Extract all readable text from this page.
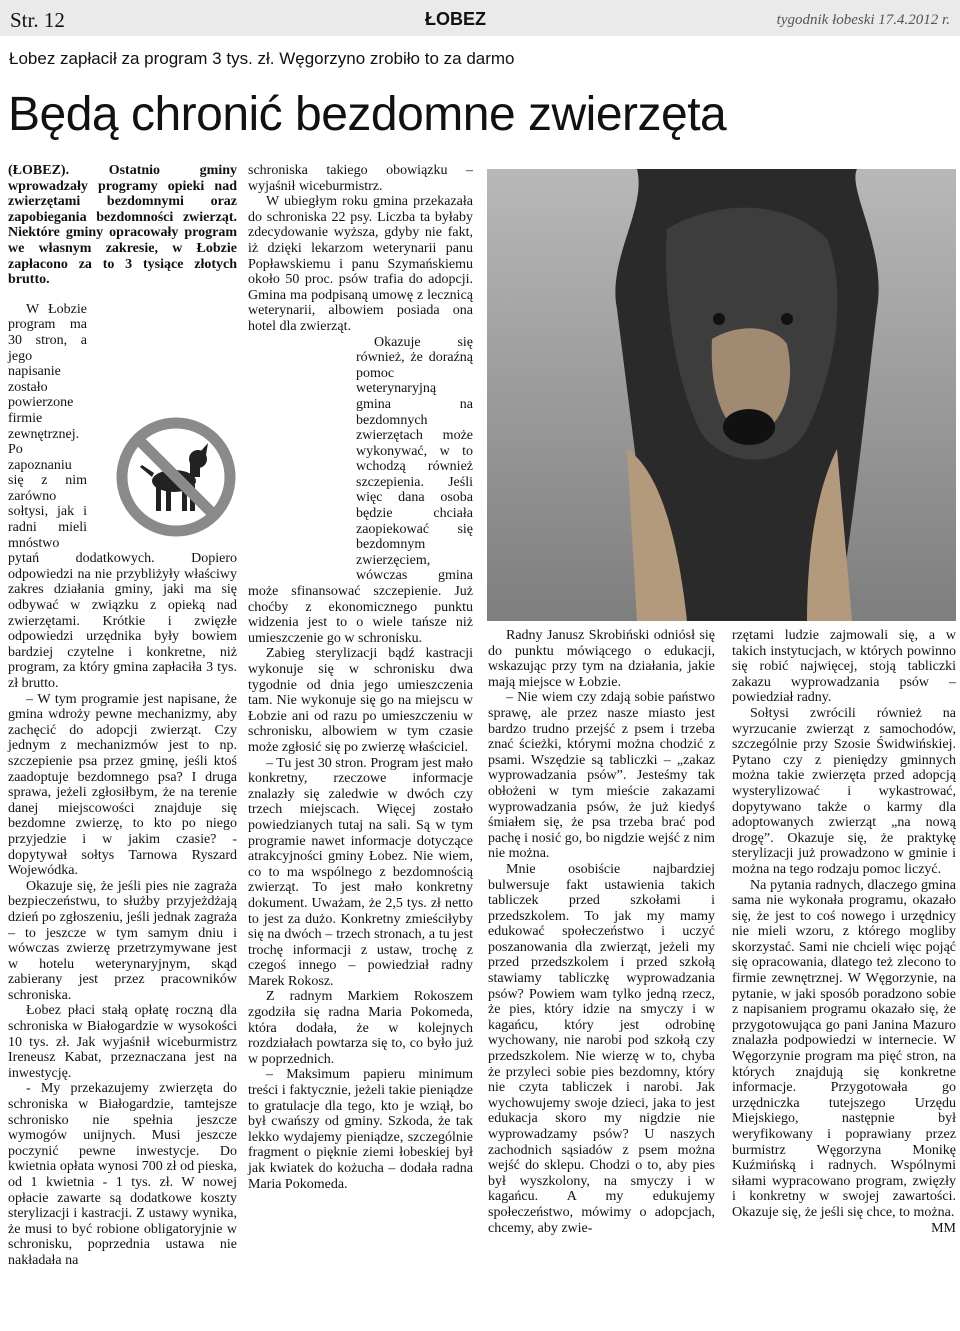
Str. 12	ŁOBEZ	tygodnik łobeski 17.4.2012 r.
Łobez zapłacił za program 3 tys. zł. Węgorzyno zrobiło to za darmo
Będą chronić bezdomne zwierzęta

(ŁOBEZ). Ostatnio gminy wprowadzały programy opieki nad zwierzętami bezdomnymi oraz zapobiegania bezdomności zwierząt. Niektóre gminy opracowały program we własnym zakresie, w Łobzie zapłacono za to 3 tysiące złotych brutto.

W Łobzie program ma 30 stron, a jego napisanie zostało powierzone firmie zewnętrznej. Po zapoznaniu się z nim zarówno sołtysi, jak i radni mieli mnóstwo pytań dodatkowych. Dopiero odpowiedzi na nie przybliżyły właściwy zakres działania gminy, jaki ma się odbywać w związku z opieką nad zwierzętami. Krótkie i zwięzłe odpowiedzi urzędnika były bowiem bardziej czytelne i konkretne, niż program, za który gmina zapłaciła 3 tys. zł brutto.

– W tym programie jest napisane, że gmina wdroży pewne mechanizmy, aby zachęcić do adopcji zwierząt. Czy jednym z mechanizmów jest to np. szczepienie psa przez gminę, jeśli ktoś zaadoptuje bezdomnego psa? I druga sprawa, jeżeli zgłosiłbym, że na terenie danej miejscowości znajduje się bezdomne zwierzę, to kto po niego przyjedzie i w jakim czasie? - dopytywał sołtys Tarnowa Ryszard Wojewódka.

Okazuje się, że jeśli pies nie zagraża bezpieczeństwu, to służby przyjeżdżają dzień po zgłoszeniu, jeśli jednak zagraża – to jeszcze w tym samym dniu i wówczas zwierzę przetrzymywane jest w hotelu weterynaryjnym, skąd zabierany jest przez pracowników schroniska.

Łobez płaci stałą opłatę roczną dla schroniska w Białogardzie w wysokości 10 tys. zł. Jak wyjaśnił wiceburmistrz Ireneusz Kabat, przeznaczana jest na inwestycję.

- My przekazujemy zwierzęta do schroniska w Białogardzie, tamtejsze schronisko nie spełnia jeszcze wymogów unijnych. Musi jeszcze poczynić pewne inwestycje. Do kwietnia opłata wynosi 700 zł od pieska, od 1 kwietnia - 1 tys. zł. W nowej opłacie zawarte są dodatkowe koszty sterylizacji i kastracji. Z ustawy wynika, że musi to być robione obligatoryjnie w schronisku, poprzednia ustawa nie nakładała na

schroniska takiego obowiązku – wyjaśnił wiceburmistrz.

W ubiegłym roku gmina przekazała do schroniska 22 psy. Liczba ta byłaby zdecydowanie wyższa, gdyby nie fakt, iż dzięki lekarzom weterynarii panu Popławskiemu i panu Szymańskiemu około 50 proc. psów trafia do adopcji. Gmina ma podpisaną umowę z lecznicą weterynarii, albowiem posiada ona hotel dla zwierząt.

Okazuje się również, że doraźną pomoc weterynaryjną gmina na bezdomnych zwierzętach może wykonywać, w to wchodzą również szczepienia. Jeśli więc dana osoba będzie chciała zaopiekować się bezdomnym zwierzęciem, wówczas gmina może sfinansować szczepienie. Już choćby z ekonomicznego punktu widzenia jest to o wiele tańsze niż umieszczenie go w schronisku.

Zabieg sterylizacji bądź kastracji wykonuje się w schronisku dwa tygodnie od dnia jego umieszczenia tam. Nie wykonuje się go na miejscu w Łobzie ani od razu po umieszczeniu w schronisku, albowiem w tym czasie może zgłosić się po zwierzę właściciel.

– Tu jest 30 stron. Program jest mało konkretny, rzeczowe informacje znalazły się zaledwie w dwóch czy trzech miejscach. Więcej zostało powiedzianych tutaj na sali. Są w tym programie nawet informacje dotyczące atrakcyjności gminy Łobez. Nie wiem, co to ma wspólnego z bezdomnością zwierząt. To jest mało konkretny dokument. Uważam, że 2,5 tys. zł netto to jest za dużo. Konkretny zmieściłyby się na dwóch – trzech stronach, a tu jest trochę informacji z ustaw, trochę z czegoś innego – powiedział radny Marek Rokosz.

Z radnym Markiem Rokoszem zgodziła się radna Maria Pokomeda, która dodała, że w kolejnych rozdziałach powtarza się to, co było już w poprzednich.

– Maksimum papieru minimum treści i faktycznie, jeżeli takie pieniądze to gratulacje dla tego, kto je wziął, bo był cwańszy od gminy. Szkoda, że tak lekko wydajemy pieniądze, szczególnie fragment o pięknie ziemi łobeskiej był jak kwiatek do kożucha – dodała radna Maria Pokomeda.

Radny Janusz Skrobiński odniósł się do punktu mówiącego o edukacji, wskazując przy tym na działania, jakie mają miejsce w Łobzie.

– Nie wiem czy zdają sobie państwo sprawę, ale przez nasze miasto jest bardzo trudno przejść z psem i trzeba znać ścieżki, którymi można chodzić z psami. Wszędzie są tabliczki – „zakaz wyprowadzania psów”. Jesteśmy tak obłożeni w tym mieście zakazami wyprowadzania psów, że już kiedyś śmiałem się, że psa trzeba brać pod pachę i nosić go, bo nigdzie wejść z nim nie można.

Mnie osobiście najbardziej bulwersuje fakt ustawienia takich tabliczek przed szkołami i przedszkolem. To jak my mamy edukować społeczeństwo i uczyć poszanowania dla zwierząt, jeżeli my przed przedszkolem i przed szkołą stawiamy tabliczkę wyprowadzania psów? Powiem wam tylko jedną rzecz, że pies, który idzie na smyczy i w kagańcu, który jest odrobinę wychowany, nie narobi pod szkołą czy przedszkolem. Nie wierzę w to, chyba że przyleci sobie pies bezdomny, który nie czyta tabliczek i narobi. Jak wychowujemy swoje dzieci, jaka to jest edukacja skoro my nigdzie nie wyprowadzamy psów? U naszych zachodnich sąsiadów z psem można wejść do sklepu. Chodzi o to, aby pies był wyszkolony, na smyczy i w kagańcu. A my edukujemy społeczeństwo, mówimy o adopcjach, chcemy, aby zwie-

rzętami ludzie zajmowali się, a w takich instytucjach, w których powinno się robić najwięcej, stoją tabliczki zakazu wyprowadzania psów – powiedział radny.

Sołtysi zwrócili również na wyrzucanie zwierząt z samochodów, szczególnie przy Szosie Świdwińskiej. Pytano czy z pieniędzy gminnych można takie zwierzęta przed adopcją wysterylizować i wykastrować, dopytywano także o karmy dla adoptowanych zwierząt „na nową drogę”. Okazuje się, że praktykę sterylizacji już prowadzono w gminie i można na tego rodzaju pomoc liczyć.

Na pytania radnych, dlaczego gmina sama nie wykonała programu, okazało się, że jest to coś nowego i urzędnicy nie mieli wzoru, z którego mogliby skorzystać. Sami nie chcieli więc pojąć się opracowania, dlatego też zlecono to firmie zewnętrznej. W Węgorzynie, na pytanie, w jaki sposób poradzono sobie z napisaniem programu okazało się, że przygotowująca go pani Janina Mazuro znalazła podpowiedzi w internecie. W Węgorzynie program ma pięć stron, na których znajdują się konkretne informacje. Przygotowała go urzędniczka tutejszego Urzędu Miejskiego, następnie był weryfikowany i poprawiany przez burmistrz Węgorzyna Monikę Kuźmińską i radnych. Wspólnymi siłami wypracowano program, zwięzły i konkretny w swojej zawartości. Okazuje się, że jeśli się chce, to można.

MM
